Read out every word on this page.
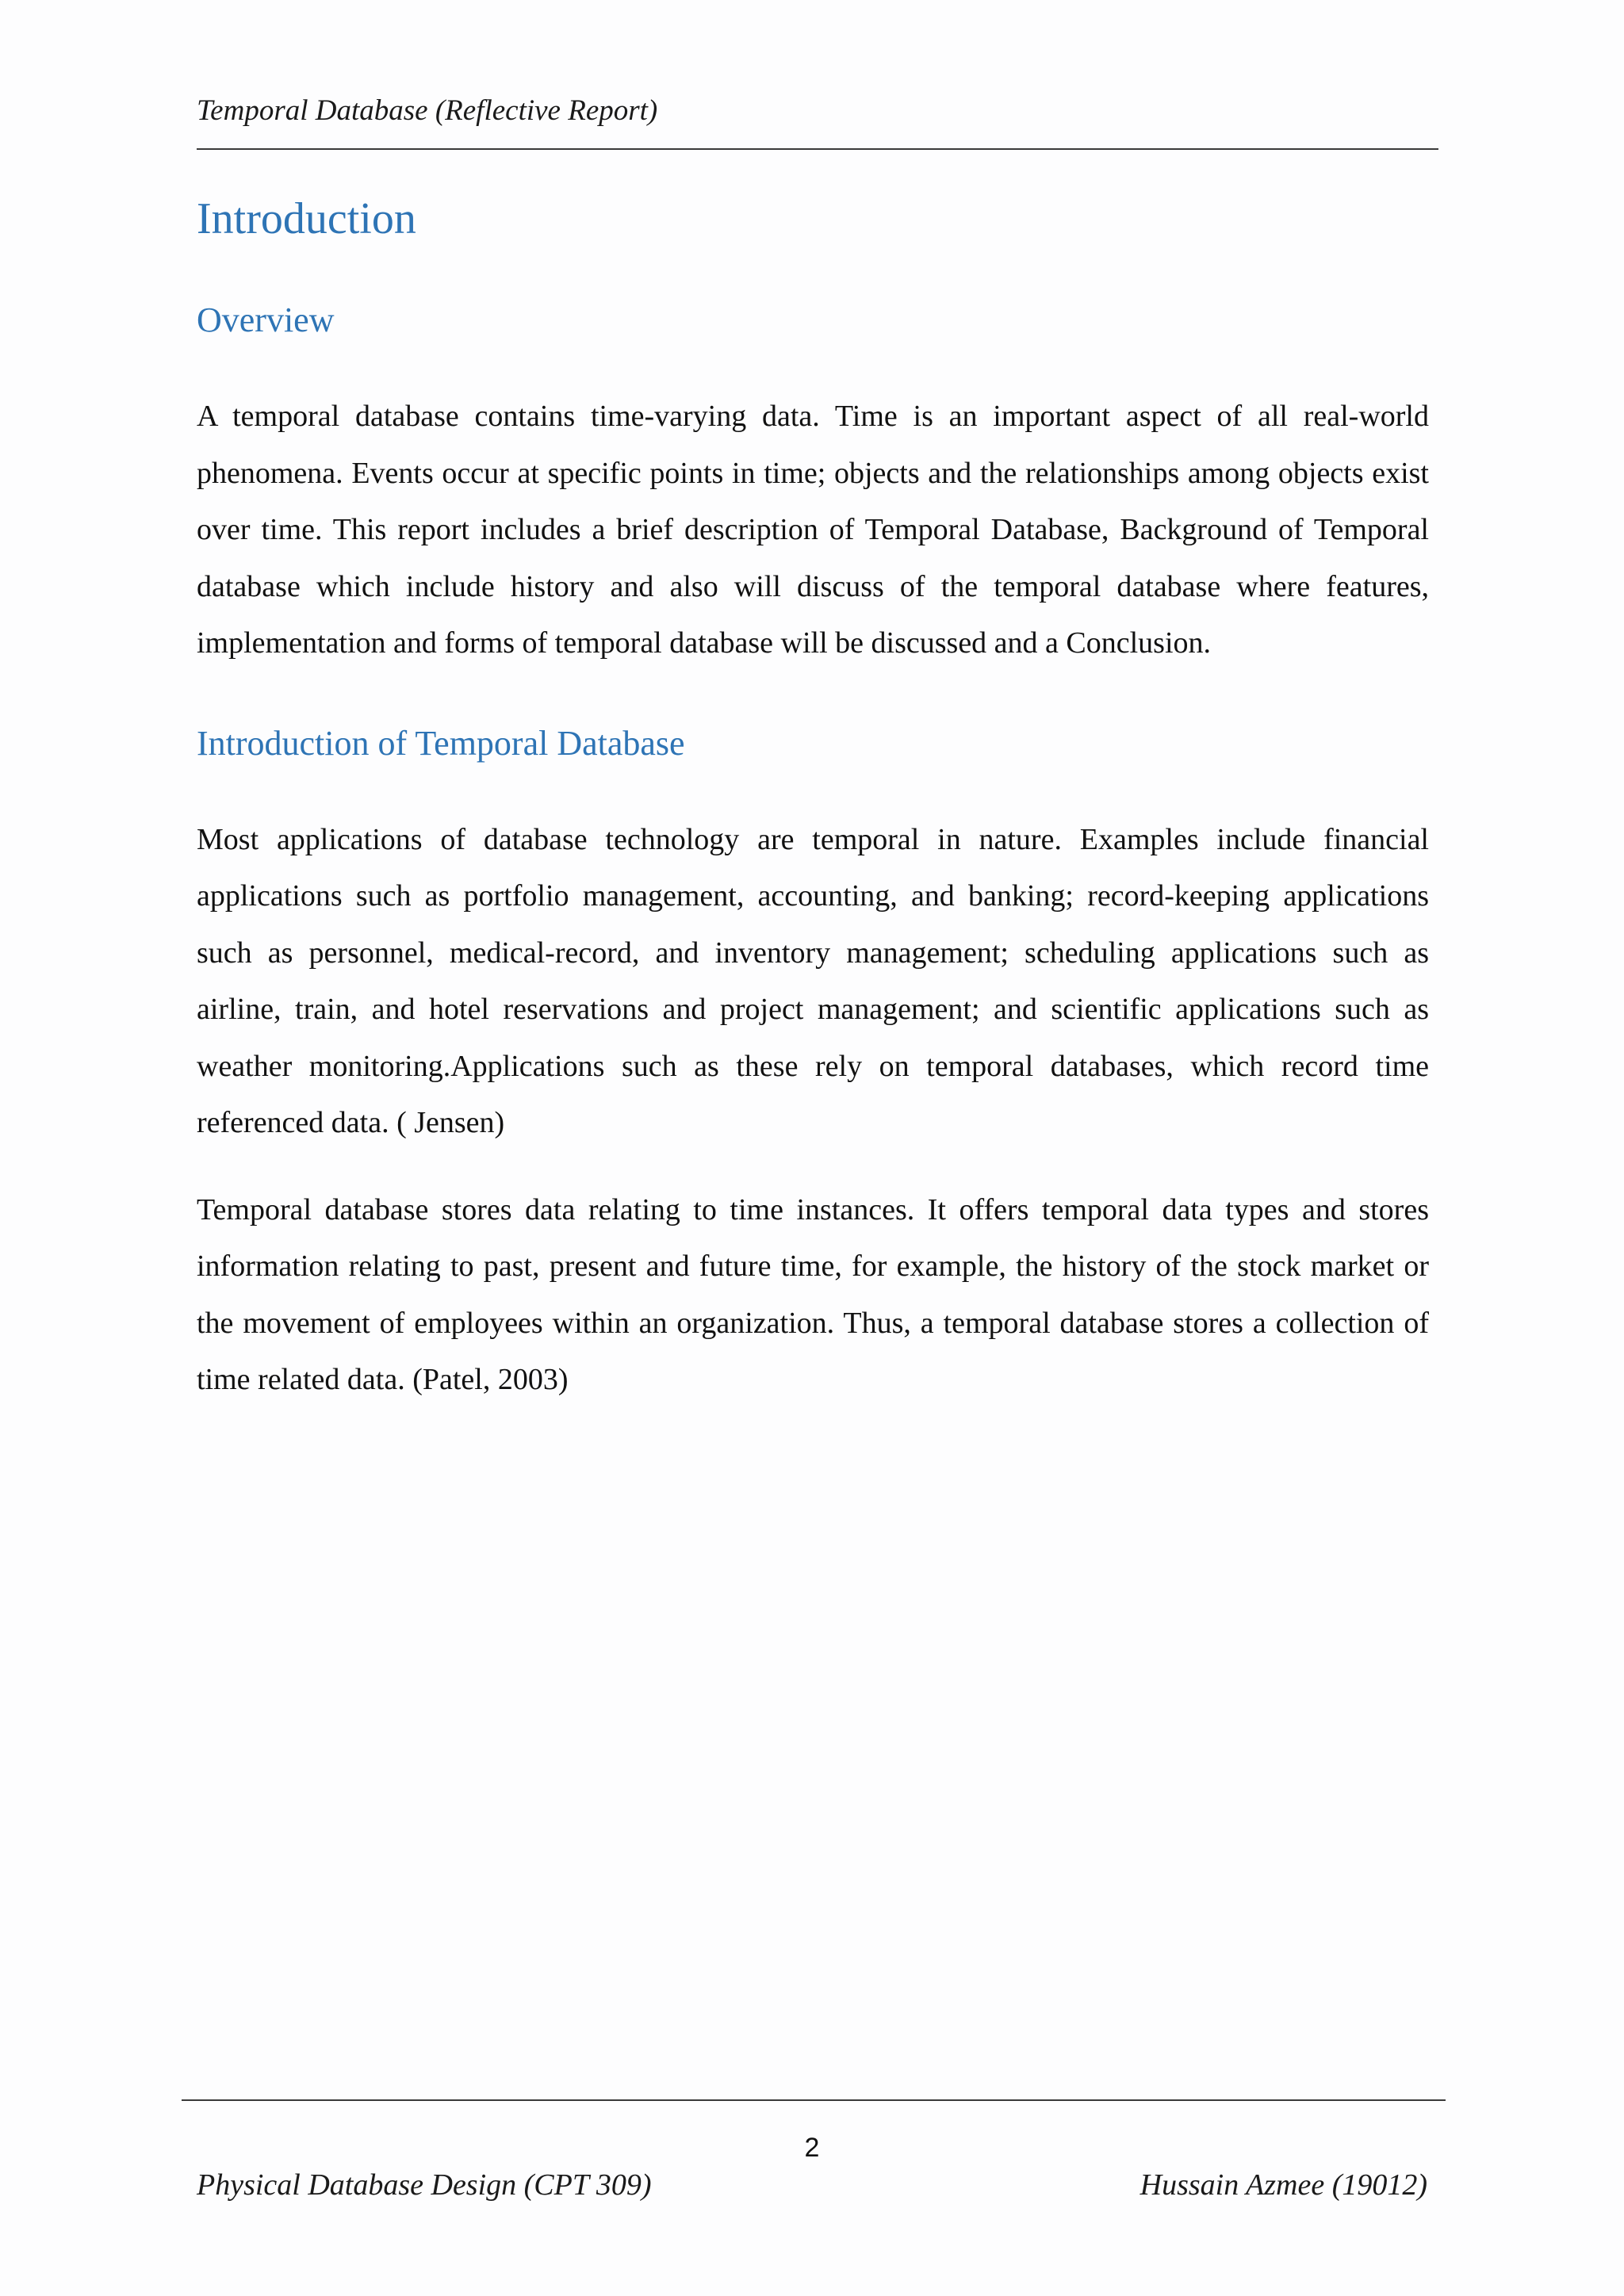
Temporal Database (Reflective Report)
Introduction
Overview

A temporal database contains time-varying data. Time is an important aspect of all real-world phenomena. Events occur at specific points in time; objects and the relationships among objects exist over time. This report includes a brief description of Temporal Database, Background of Temporal database which include history and also will discuss of the temporal database where features, implementation and forms of temporal database will be discussed and a Conclusion.

Introduction of Temporal Database

Most applications of database technology are temporal in nature. Examples include financial applications such as portfolio management, accounting, and banking; record-keeping applications such as personnel, medical-record, and inventory management; scheduling applications such as airline, train, and hotel reservations and project management; and scientific applications such as weather monitoring.Applications such as these rely on temporal databases, which record time referenced data. ( Jensen)

Temporal database stores data relating to time instances. It offers temporal data types and stores information relating to past, present and future time, for example, the history of the stock market or the movement of employees within an organization. Thus, a temporal database stores a collection of time related data. (Patel, 2003)

2
Physical Database Design (CPT 309)	Hussain Azmee (19012)
